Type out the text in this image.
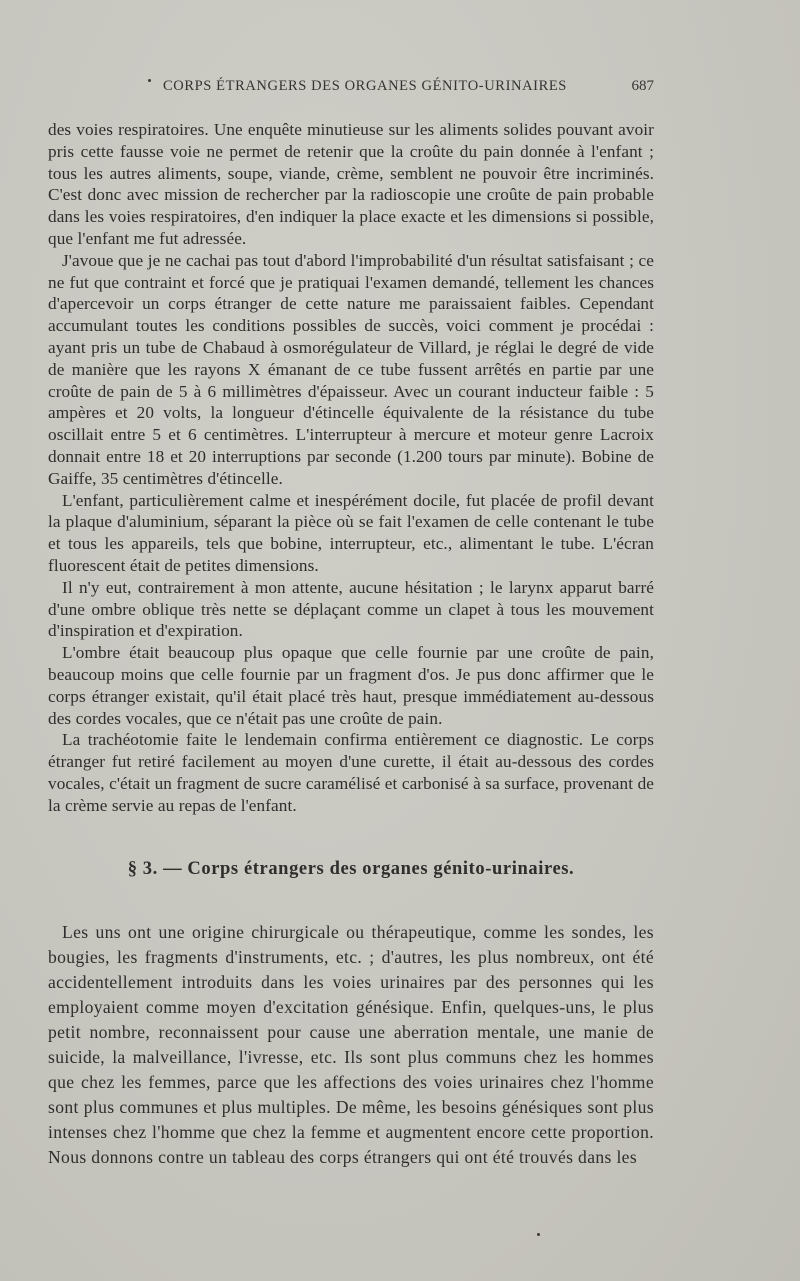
CORPS ÉTRANGERS DES ORGANES GÉNITO-URINAIRES	687

des voies respiratoires. Une enquête minutieuse sur les aliments solides pouvant avoir pris cette fausse voie ne permet de retenir que la croûte du pain donnée à l'enfant ; tous les autres aliments, soupe, viande, crème, semblent ne pouvoir être incriminés. C'est donc avec mission de rechercher par la radioscopie une croûte de pain probable dans les voies respiratoires, d'en indiquer la place exacte et les dimensions si possible, que l'enfant me fut adressée.

J'avoue que je ne cachai pas tout d'abord l'improbabilité d'un résultat satisfaisant ; ce ne fut que contraint et forcé que je pratiquai l'examen demandé, tellement les chances d'apercevoir un corps étranger de cette nature me paraissaient faibles. Cependant accumulant toutes les conditions possibles de succès, voici comment je procédai : ayant pris un tube de Chabaud à osmorégulateur de Villard, je réglai le degré de vide de manière que les rayons X émanant de ce tube fussent arrêtés en partie par une croûte de pain de 5 à 6 millimètres d'épaisseur. Avec un courant inducteur faible : 5 ampères et 20 volts, la longueur d'étincelle équivalente de la résistance du tube oscillait entre 5 et 6 centimètres. L'interrupteur à mercure et moteur genre Lacroix donnait entre 18 et 20 interruptions par seconde (1.200 tours par minute). Bobine de Gaiffe, 35 centimètres d'étincelle.

L'enfant, particulièrement calme et inespérément docile, fut placée de profil devant la plaque d'aluminium, séparant la pièce où se fait l'examen de celle contenant le tube et tous les appareils, tels que bobine, interrupteur, etc., alimentant le tube. L'écran fluorescent était de petites dimensions.

Il n'y eut, contrairement à mon attente, aucune hésitation ; le larynx apparut barré d'une ombre oblique très nette se déplaçant comme un clapet à tous les mouvement d'inspiration et d'expiration.

L'ombre était beaucoup plus opaque que celle fournie par une croûte de pain, beaucoup moins que celle fournie par un fragment d'os. Je pus donc affirmer que le corps étranger existait, qu'il était placé très haut, presque immédiatement au-dessous des cordes vocales, que ce n'était pas une croûte de pain.

La trachéotomie faite le lendemain confirma entièrement ce diagnostic. Le corps étranger fut retiré facilement au moyen d'une curette, il était au-dessous des cordes vocales, c'était un fragment de sucre caramélisé et carbonisé à sa surface, provenant de la crème servie au repas de l'enfant.

§ 3. — Corps étrangers des organes génito-urinaires.

Les uns ont une origine chirurgicale ou thérapeutique, comme les sondes, les bougies, les fragments d'instruments, etc. ; d'autres, les plus nombreux, ont été accidentellement introduits dans les voies urinaires par des personnes qui les employaient comme moyen d'excitation génésique. Enfin, quelques-uns, le plus petit nombre, reconnaissent pour cause une aberration mentale, une manie de suicide, la malveillance, l'ivresse, etc. Ils sont plus communs chez les hommes que chez les femmes, parce que les affections des voies urinaires chez l'homme sont plus communes et plus multiples. De même, les besoins génésiques sont plus intenses chez l'homme que chez la femme et augmentent encore cette proportion. Nous donnons contre un tableau des corps étrangers qui ont été trouvés dans les
